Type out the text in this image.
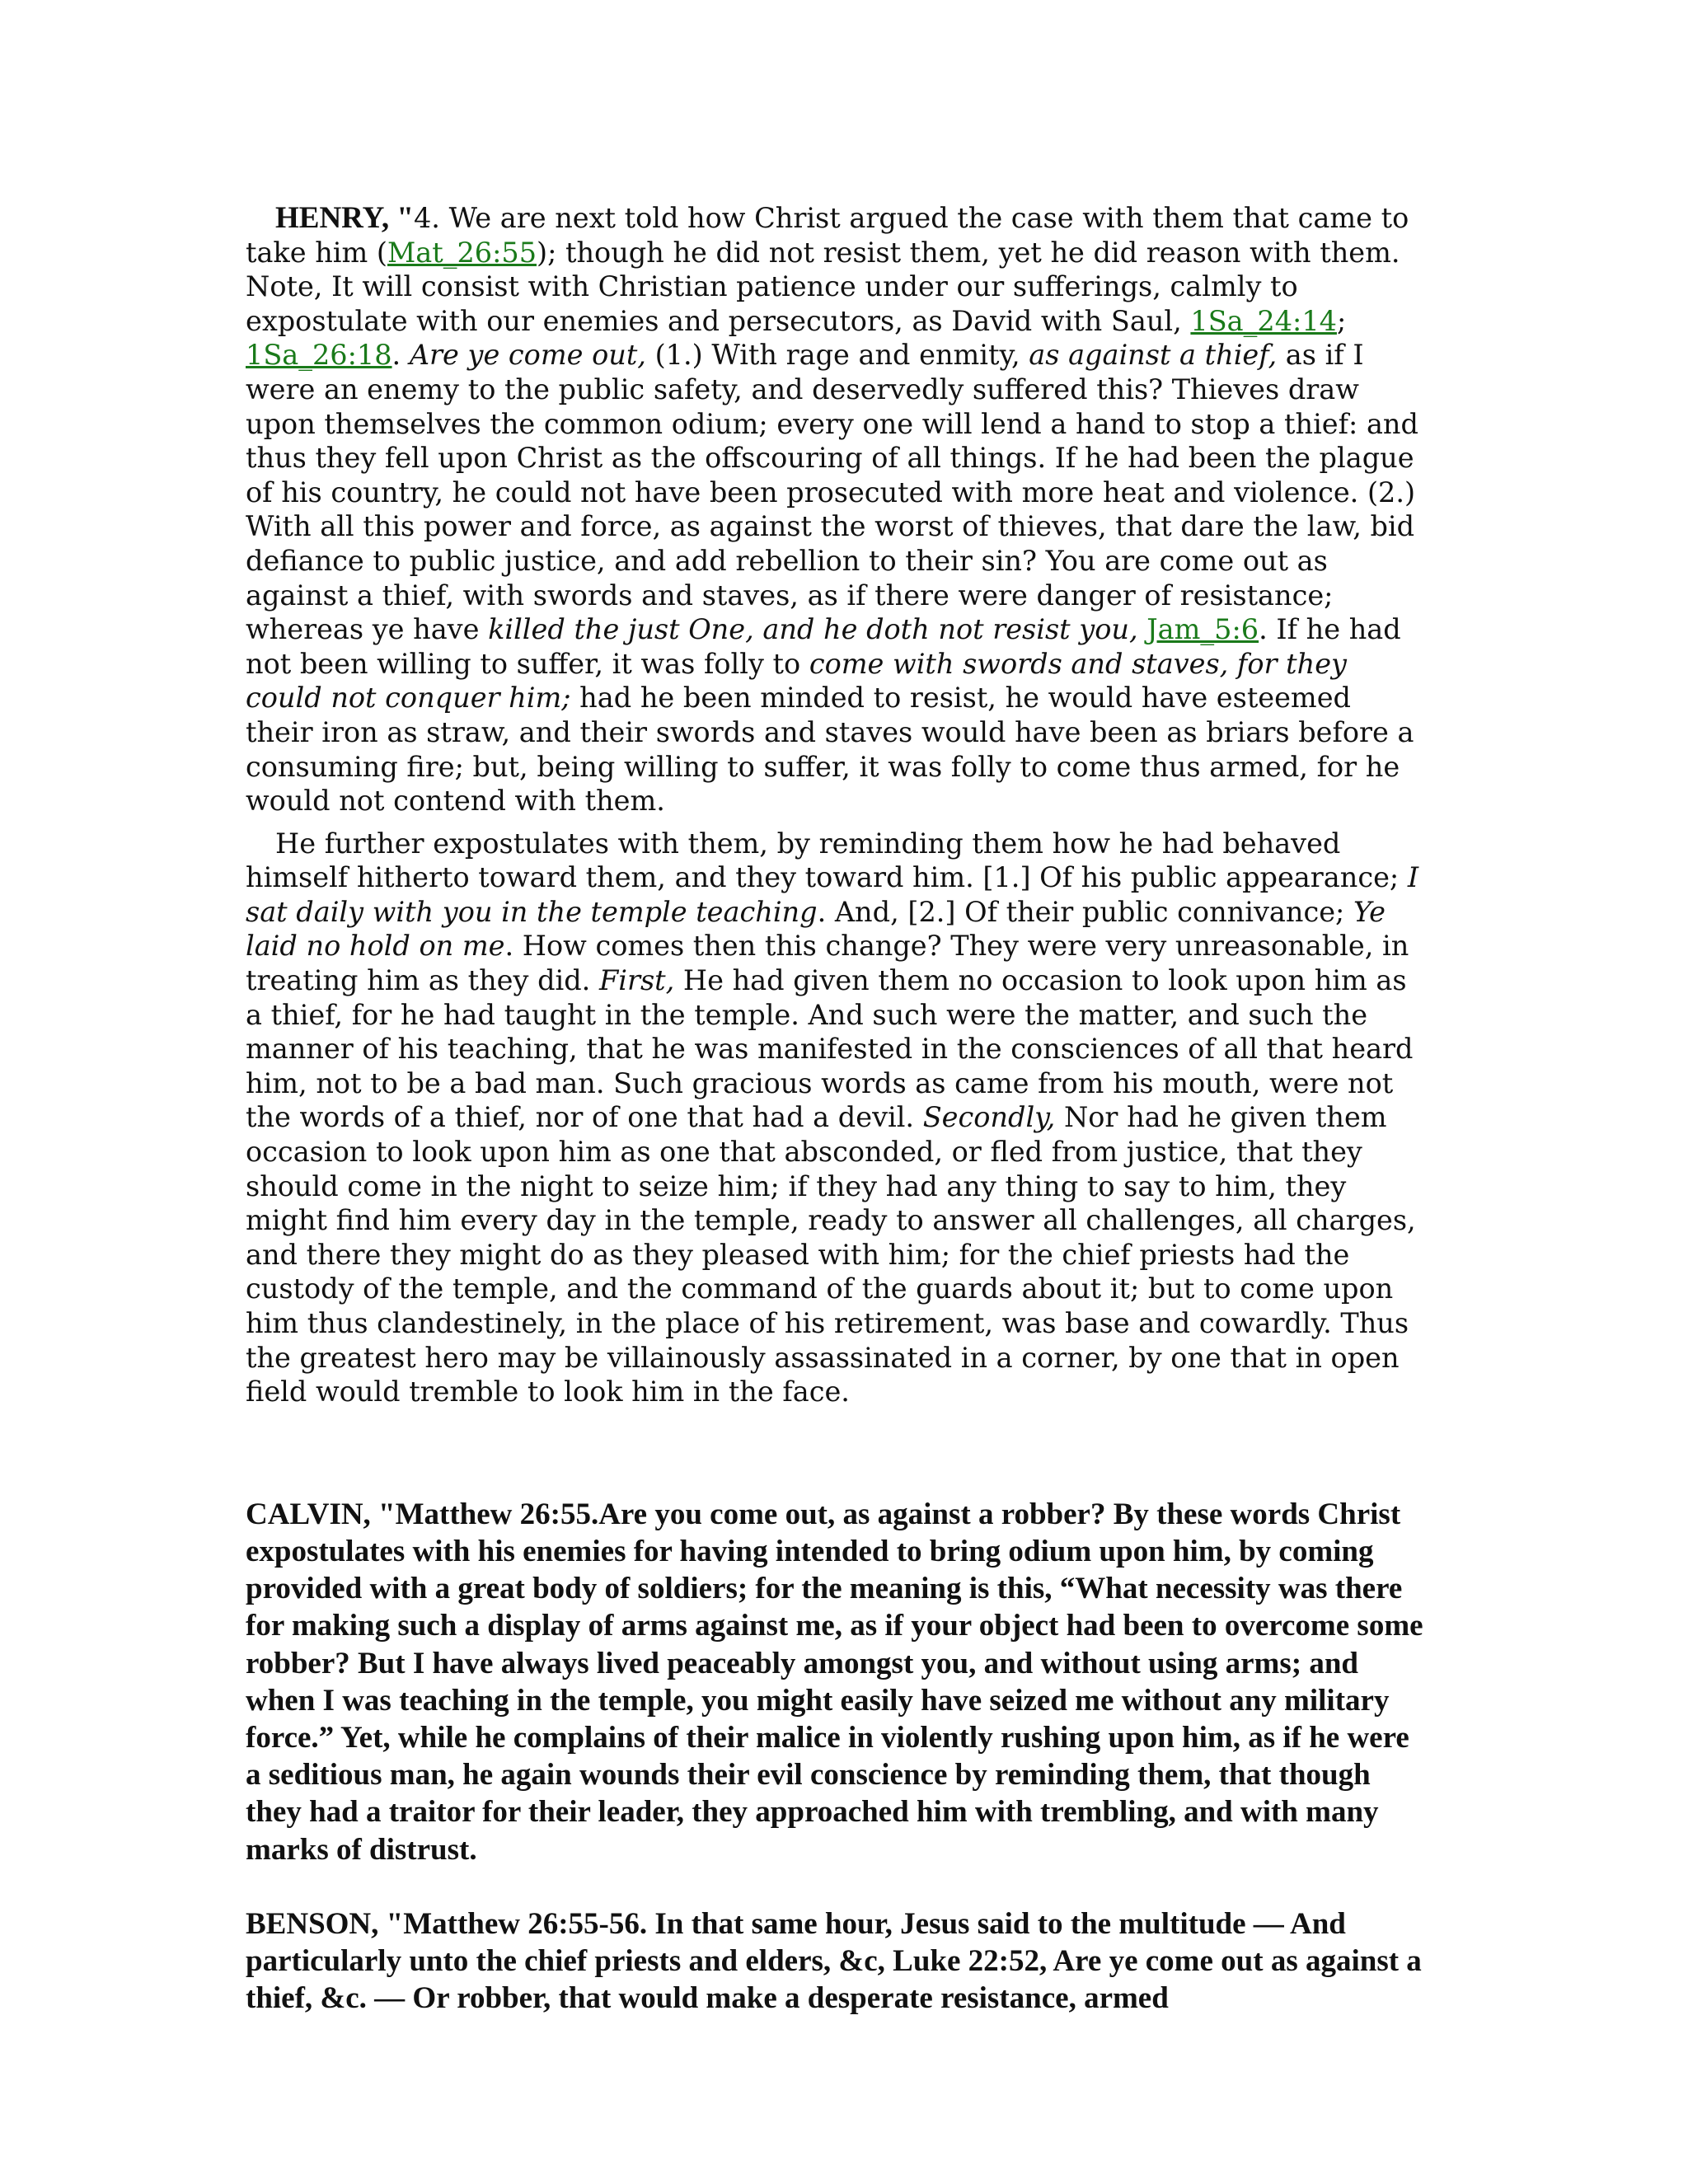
HENRY, "4. We are next told how Christ argued the case with them that came to take him (Mat_26:55); though he did not resist them, yet he did reason with them. Note, It will consist with Christian patience under our sufferings, calmly to expostulate with our enemies and persecutors, as David with Saul, 1Sa_24:14; 1Sa_26:18. Are ye come out, (1.) With rage and enmity, as against a thief, as if I were an enemy to the public safety, and deservedly suffered this? Thieves draw upon themselves the common odium; every one will lend a hand to stop a thief: and thus they fell upon Christ as the offscouring of all things. If he had been the plague of his country, he could not have been prosecuted with more heat and violence. (2.) With all this power and force, as against the worst of thieves, that dare the law, bid defiance to public justice, and add rebellion to their sin? You are come out as against a thief, with swords and staves, as if there were danger of resistance; whereas ye have killed the just One, and he doth not resist you, Jam_5:6. If he had not been willing to suffer, it was folly to come with swords and staves, for they could not conquer him; had he been minded to resist, he would have esteemed their iron as straw, and their swords and staves would have been as briars before a consuming fire; but, being willing to suffer, it was folly to come thus armed, for he would not contend with them.

He further expostulates with them, by reminding them how he had behaved himself hitherto toward them, and they toward him. [1.] Of his public appearance; I sat daily with you in the temple teaching. And, [2.] Of their public connivance; Ye laid no hold on me. How comes then this change? They were very unreasonable, in treating him as they did. First, He had given them no occasion to look upon him as a thief, for he had taught in the temple. And such were the matter, and such the manner of his teaching, that he was manifested in the consciences of all that heard him, not to be a bad man. Such gracious words as came from his mouth, were not the words of a thief, nor of one that had a devil. Secondly, Nor had he given them occasion to look upon him as one that absconded, or fled from justice, that they should come in the night to seize him; if they had any thing to say to him, they might find him every day in the temple, ready to answer all challenges, all charges, and there they might do as they pleased with him; for the chief priests had the custody of the temple, and the command of the guards about it; but to come upon him thus clandestinely, in the place of his retirement, was base and cowardly. Thus the greatest hero may be villainously assassinated in a corner, by one that in open field would tremble to look him in the face.

CALVIN, "Matthew 26:55.Are you come out, as against a robber? By these words Christ expostulates with his enemies for having intended to bring odium upon him, by coming provided with a great body of soldiers; for the meaning is this, “What necessity was there for making such a display of arms against me, as if your object had been to overcome some robber? But I have always lived peaceably amongst you, and without using arms; and when I was teaching in the temple, you might easily have seized me without any military force.” Yet, while he complains of their malice in violently rushing upon him, as if he were a seditious man, he again wounds their evil conscience by reminding them, that though they had a traitor for their leader, they approached him with trembling, and with many marks of distrust.

BENSON, "Matthew 26:55-56. In that same hour, Jesus said to the multitude — And particularly unto the chief priests and elders, &c, Luke 22:52, Are ye come out as against a thief, &c. — Or robber, that would make a desperate resistance, armed
